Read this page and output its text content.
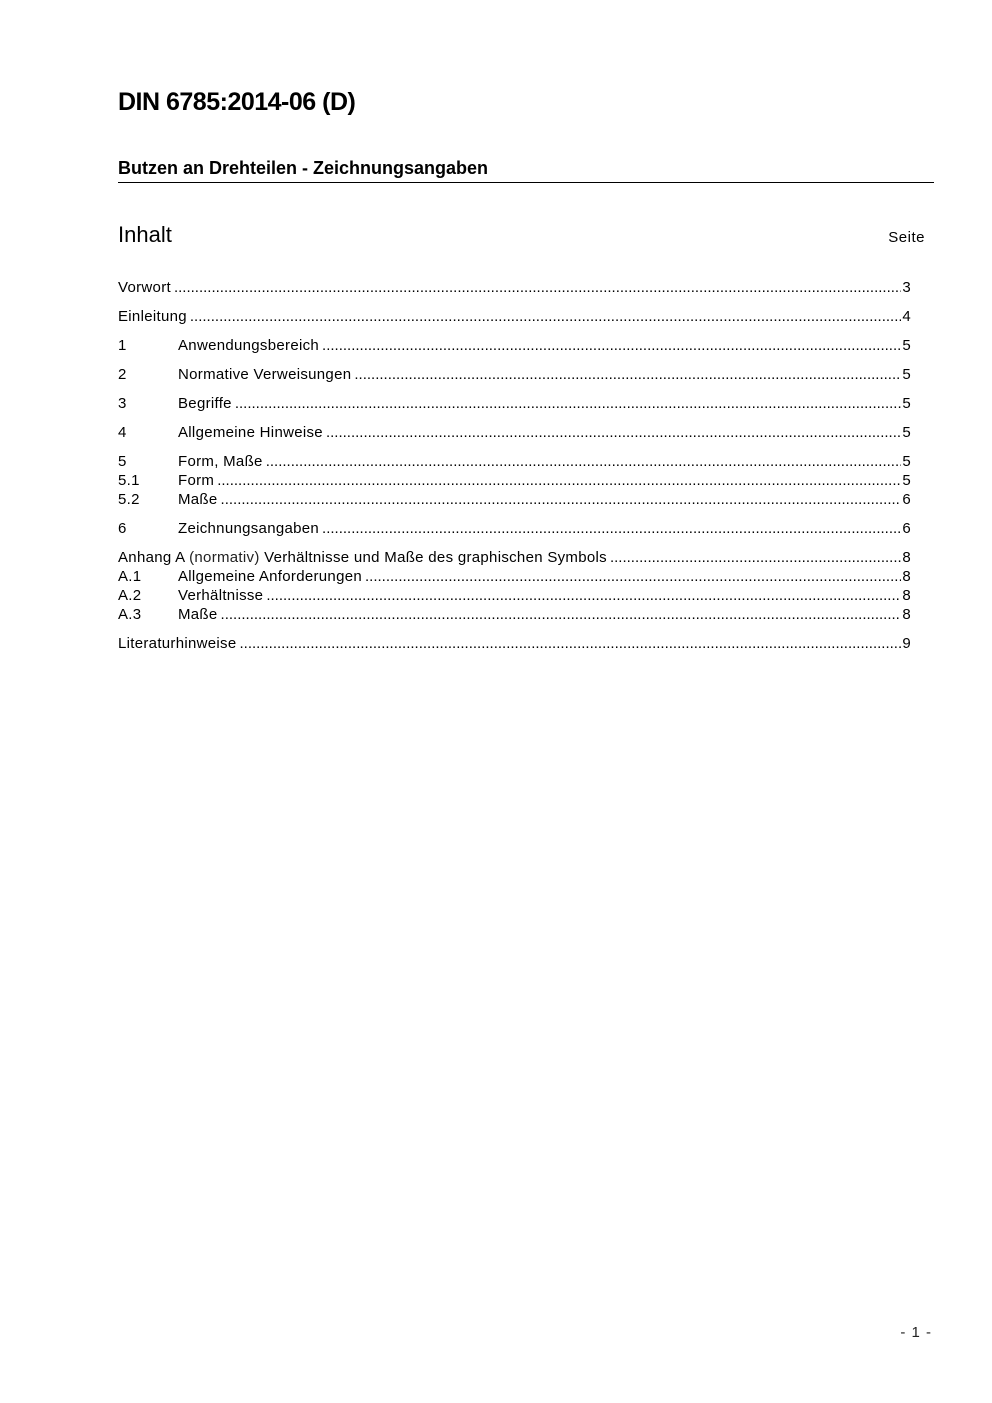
DIN 6785:2014-06 (D)
Butzen an Drehteilen - Zeichnungsangaben
Inhalt	Seite
Vorwort .....	3
Einleitung .....	4
1	Anwendungsbereich .....	5
2	Normative Verweisungen .....	5
3	Begriffe .....	5
4	Allgemeine Hinweise .....	5
5	Form, Maße .....	5
5.1	Form .....	5
5.2	Maße .....	6
6	Zeichnungsangaben .....	6
Anhang A (normativ) Verhältnisse und Maße des graphischen Symbols .....	8
A.1	Allgemeine Anforderungen .....	8
A.2	Verhältnisse .....	8
A.3	Maße .....	8
Literaturhinweise .....	9
- 1 -
